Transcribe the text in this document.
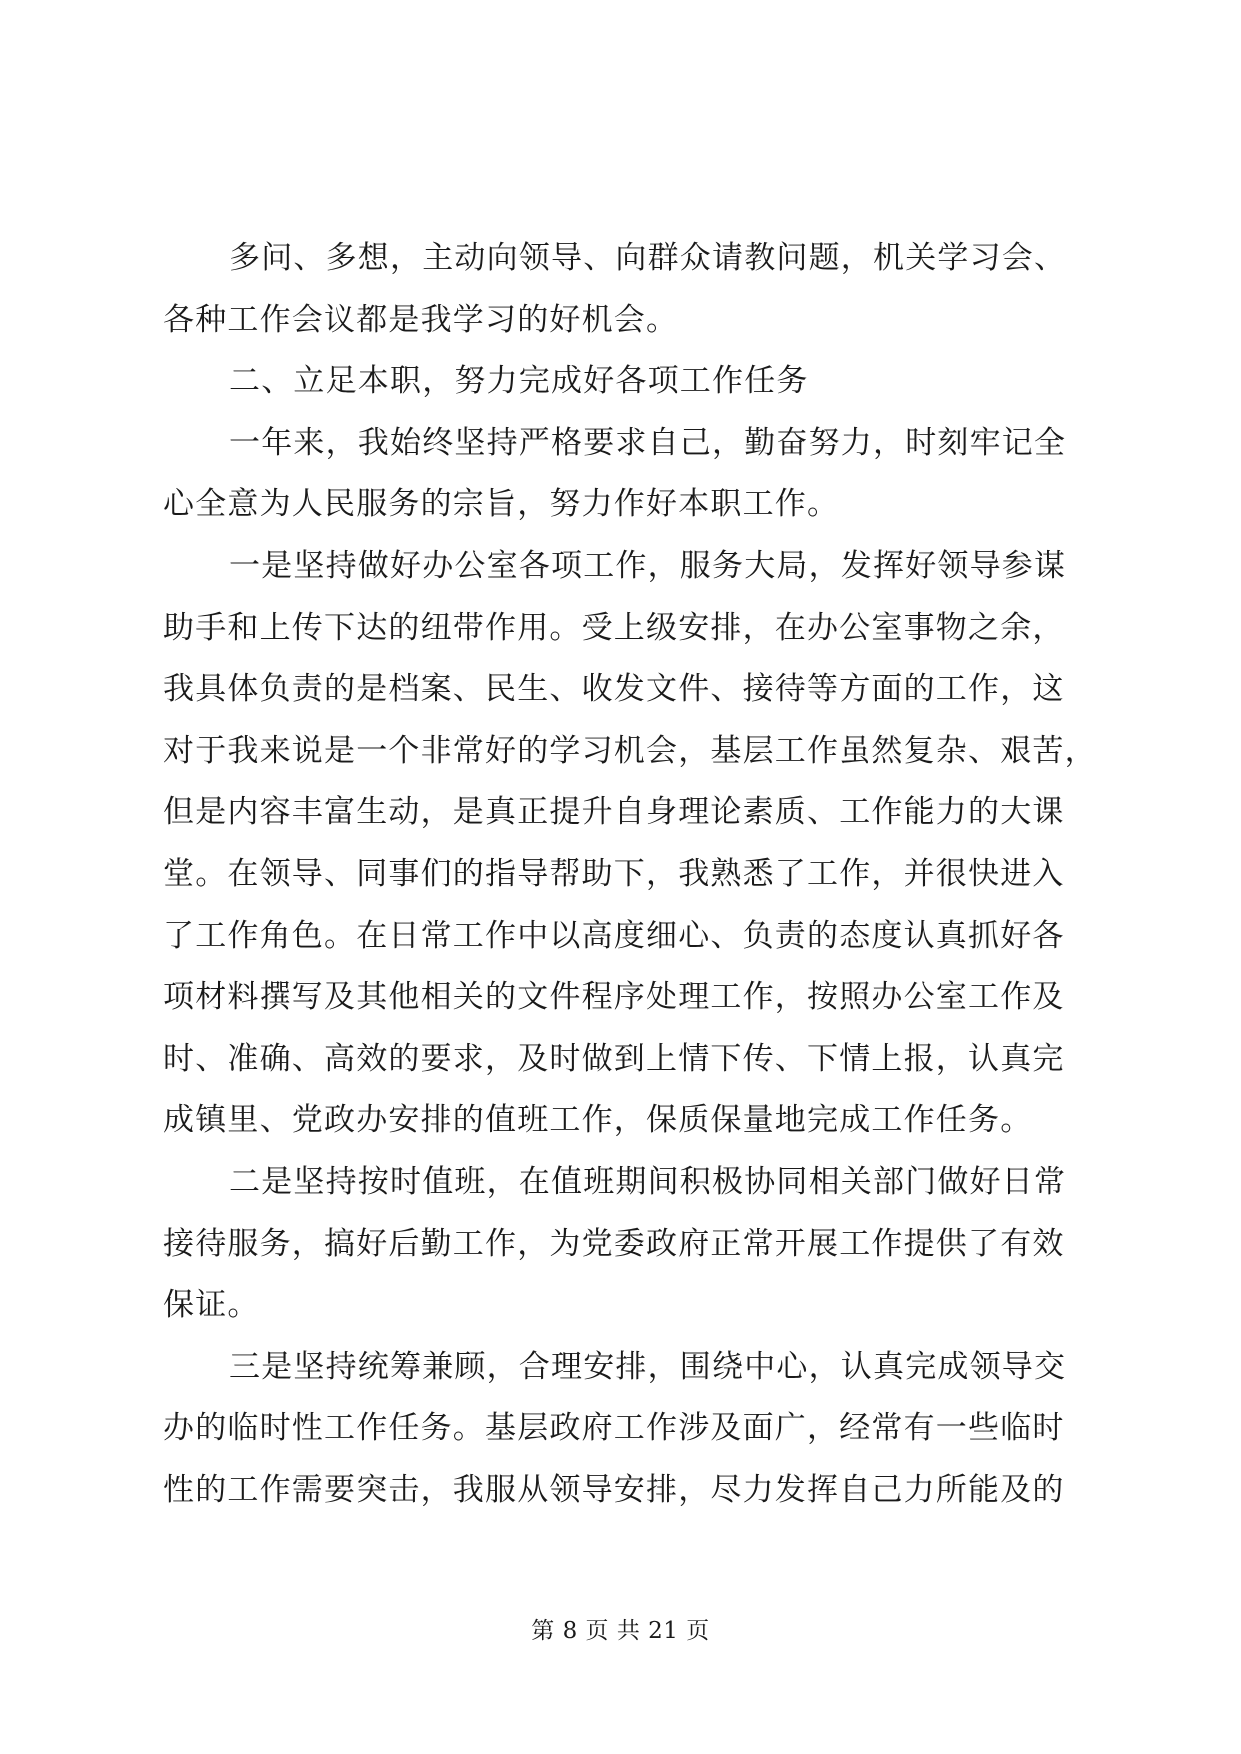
多问、多想，主动向领导、向群众请教问题，机关学习会、
各种工作会议都是我学习的好机会。
二、立足本职，努力完成好各项工作任务
一年来，我始终坚持严格要求自己，勤奋努力，时刻牢记全
心全意为人民服务的宗旨，努力作好本职工作。
一是坚持做好办公室各项工作，服务大局，发挥好领导参谋
助手和上传下达的纽带作用。受上级安排，在办公室事物之余，
我具体负责的是档案、民生、收发文件、接待等方面的工作，这
对于我来说是一个非常好的学习机会，基层工作虽然复杂、艰苦，
但是内容丰富生动，是真正提升自身理论素质、工作能力的大课
堂。在领导、同事们的指导帮助下，我熟悉了工作，并很快进入
了工作角色。在日常工作中以高度细心、负责的态度认真抓好各
项材料撰写及其他相关的文件程序处理工作，按照办公室工作及
时、准确、高效的要求，及时做到上情下传、下情上报，认真完
成镇里、党政办安排的值班工作，保质保量地完成工作任务。
二是坚持按时值班，在值班期间积极协同相关部门做好日常
接待服务，搞好后勤工作，为党委政府正常开展工作提供了有效
保证。
三是坚持统筹兼顾，合理安排，围绕中心，认真完成领导交
办的临时性工作任务。基层政府工作涉及面广，经常有一些临时
性的工作需要突击，我服从领导安排，尽力发挥自己力所能及的
第 8 页 共 21 页
